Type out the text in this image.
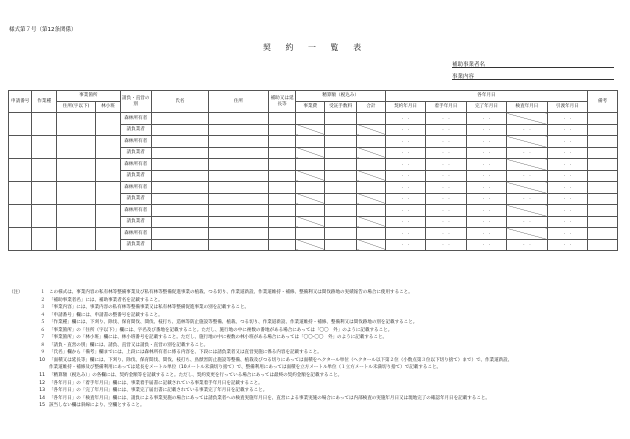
様式第７号（第12条関係）
契 約 一 覧 表
補助事業者名
事業内容
申請番号	作業種	事業箇所		請負・直営の別	氏名	住所	補助又は延長等	精算額（税込み）			各年月日					備考
		住所(字以下)	林小班					事業費	受託手数料	合計	契約年月日	着手年月日	完了年月日	検査年月日	引渡年月日	
				森林所有者							.　.	.　.	.　.		.　.	
				請負業者							.　.	.　.	.　.	.　.	.　.	
				森林所有者							.　.	.　.	.　.		.　.	
				請負業者							.　.	.　.	.　.	.　.	.　.	
				森林所有者							.　.	.　.	.　.		.　.	
				請負業者							.　.	.　.	.　.	.　.	.　.	
				森林所有者							.　.	.　.	.　.		.　.	
				請負業者							.　.	.　.	.　.	.　.	.　.	
				森林所有者							.　.	.　.	.　.		.　.	
				請負業者							.　.	.　.	.　.	.　.	.　.	
				森林所有者							.　.	.　.	.　.		.　.	
				請負業者							.　.	.　.	.　.	.　.	.　.	
（注）	１ この様式は、事業内容の私有林等整備事業及び私有林等整備促進事業の植栽、つる切り、作業道新設、作業道維持・補修、整備利又は間伐跡地の実績報告の場合に使用すること。
２ 「補助事業者名」には、補助事業者名を記載すること。
３ 「事業内容」には、事業内容の私有林等整備事業又は私有林等整備促進事業の別を記載すること。
４ 「申請番号」欄には、申請書の整番号を記載すること。
５ 「作業種」欄には、下刈り、除伐、保育間伐、間伐、枝打ち、造林等防止施設等整備、植栽、つる切り、作業道新設、作業道維持・補修、整備利又は間伐跡地の別を記載すること。
６ 「事業箇所」の「住所（字以下）」欄には、字名及び番地を記載すること。ただし、施行地の中に複数の番地がある場合にあっては「〇〇　外」のように記載すること。
７ 「事業箇所」の「林小班」欄には、林小班番号を記載すること。ただし、施行地の中に複数の林小班がある場合にあっては「〇〇-〇〇　外」のように記載すること。
８ 「請負・直営の別」欄には、請負、直営又は請負・直営の別を記載すること。
９ 「氏名」欄から「備考」欄までには、上段には森林所有者に係る内容を、下段には請負業者又は直営実施に係る内容を記載すること。
10 「面積又は延長等」欄には、下刈り、除伐、保育間伐、間伐、枝打ち、鳥獣害防止施設等整備、植栽及びつる切りにあっては面積をヘクタール単位（ヘクタール以下第２位（小数点第３位以下切り捨て）まで）で、作業道新設、
作業道維持・補修及び整備利用にあっては延長をメートル単位（10メートル未満切り捨て）で、整備利用にあっては面積を立方メートル単位（１立方メートル未満切り捨て）で記載すること。
11 「精算額（税込み）」の各欄には、契約金額等を記載すること。ただし、契約変更を行っている場合にあっては最終の契約金額を記載すること。
12 「各年月日」の「着手年月日」欄には、事業着手届書に記載されている事業着手年月日を記載すること。
13 「各年月日」の「完了年月日」欄には、事業完了届出書に記載されている事業完了年月日を記載すること。
14 「各年月日」の「検査年月日」欄には、請負による事業実施の場合にあっては請負業者への検査実施年月日を、直営による事業実施の場合にあっては内部検査の実施年月日又は現地完了の確認年月日を記載すること。
15 該当しない欄は斜線により、空欄とすること。
